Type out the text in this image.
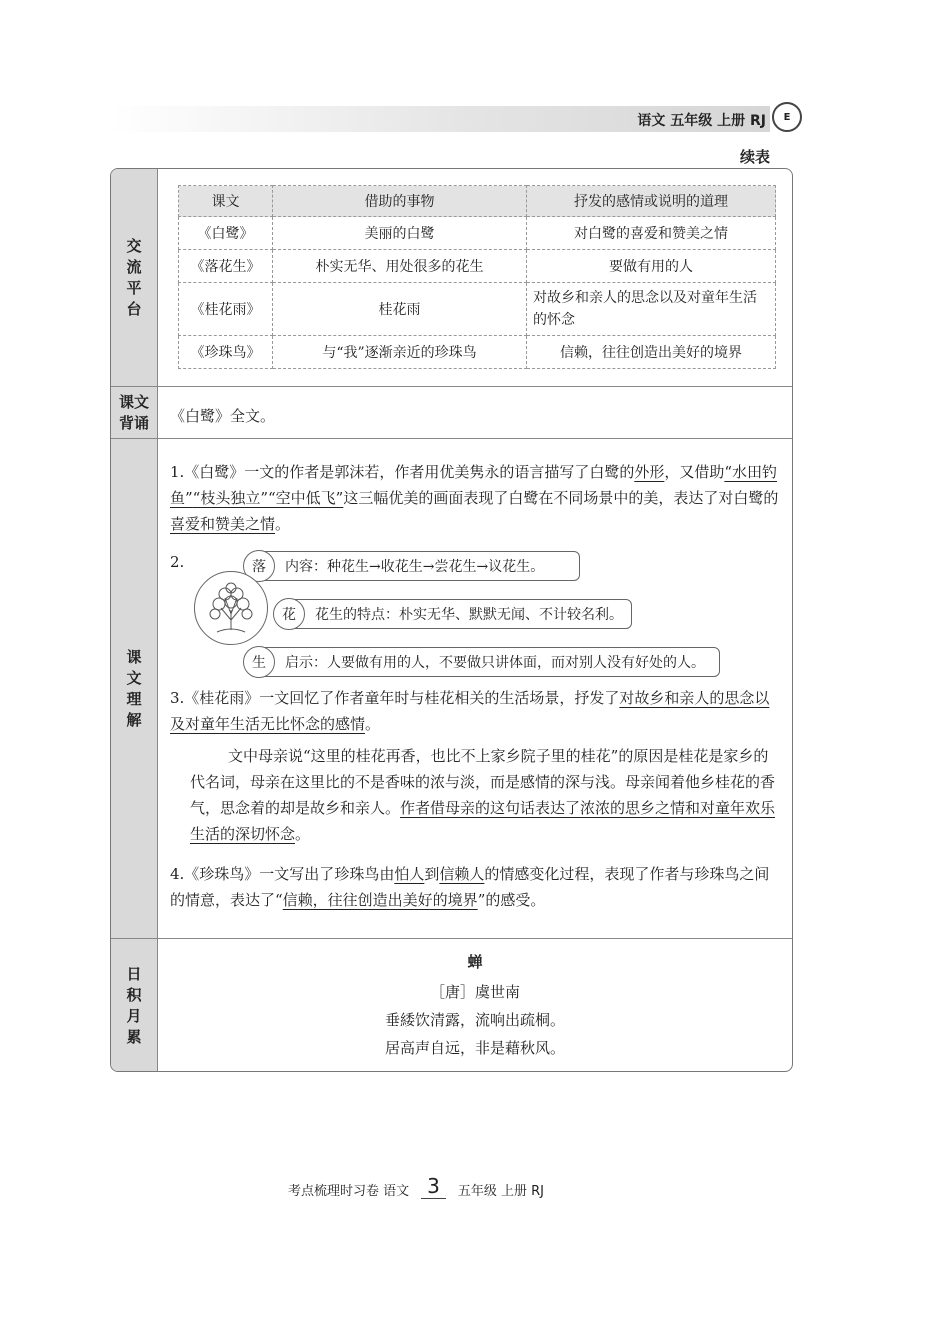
语文 五年级 上册 RJ E
续表
交流平台
课文	借助的事物	抒发的感情或说明的道理
《白鹭》	美丽的白鹭	对白鹭的喜爱和赞美之情
《落花生》	朴实无华、用处很多的花生	要做有用的人
《桂花雨》	桂花雨	对故乡和亲人的思念以及对童年生活的怀念
《珍珠鸟》	与“我”逐渐亲近的珍珠鸟	信赖，往往创造出美好的境界
课文背诵 《白鹭》全文。
课文理解
1.《白鹭》一文的作者是郭沫若，作者用优美隽永的语言描写了白鹭的外形，又借助“水田钓鱼”“枝头独立”“空中低飞”这三幅优美的画面表现了白鹭在不同场景中的美，表达了对白鹭的喜爱和赞美之情。
2.	落	内容：种花生→收花生→尝花生→议花生。
花	花生的特点：朴实无华、默默无闻、不计较名利。
生	启示：人要做有用的人，不要做只讲体面，而对别人没有好处的人。
3.《桂花雨》一文回忆了作者童年时与桂花相关的生活场景，抒发了对故乡和亲人的思念以及对童年生活无比怀念的感情。
文中母亲说“这里的桂花再香，也比不上家乡院子里的桂花”的原因是桂花是家乡的代名词，母亲在这里比的不是香味的浓与淡，而是感情的深与浅。母亲闻着他乡桂花的香气，思念着的却是故乡和亲人。作者借母亲的这句话表达了浓浓的思乡之情和对童年欢乐生活的深切怀念。
4.《珍珠鸟》一文写出了珍珠鸟由怕人到信赖人的情感变化过程，表现了作者与珍珠鸟之间的情意，表达了“信赖，往往创造出美好的境界”的感受。
日积月累
蝉
［唐］虞世南
垂緌饮清露，流响出疏桐。
居高声自远，非是藉秋风。
考点梳理时习卷 语文 3	五年级 上册 RJ
